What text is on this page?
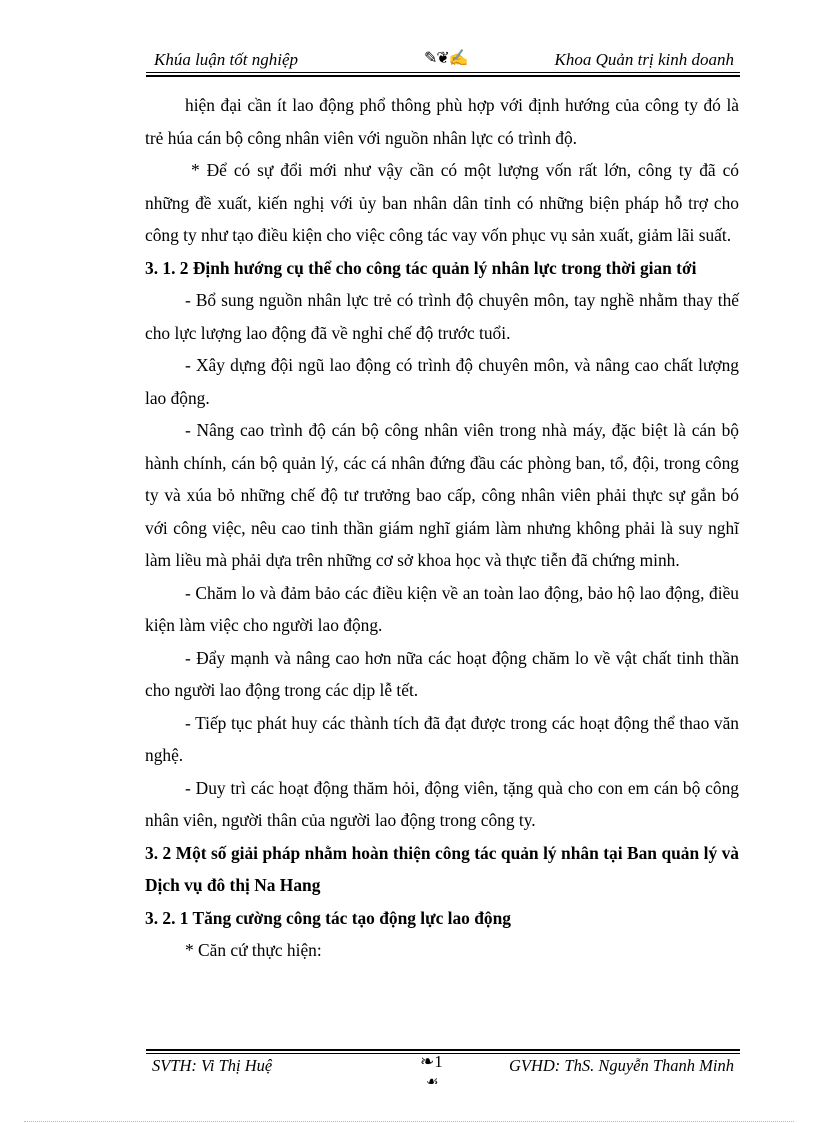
Khúa luận tốt nghiệp	✎❦✍	Khoa Quản trị kinh doanh

hiện đại cần ít lao động phổ thông phù hợp với định hướng của công ty đó là trẻ húa cán bộ công nhân viên với nguồn nhân lực có trình độ.

* Để có sự đổi mới như vậy cần có một lượng vốn rất lớn, công ty đã có những đề xuất, kiến nghị với ủy ban nhân dân tỉnh có những biện pháp hỗ trợ cho công ty như tạo điều kiện cho việc công tác vay vốn phục vụ sản xuất, giảm lãi suất.

3. 1. 2 Định hướng cụ thể cho công tác quản lý nhân lực trong thời gian tới

- Bổ sung nguồn nhân lực trẻ có trình độ chuyên môn, tay nghề nhằm thay thế cho lực lượng lao động đã về nghỉ chế độ trước tuổi.

- Xây dựng đội ngũ lao động có trình độ chuyên môn, và nâng cao chất lượng lao động.

- Nâng cao trình độ cán bộ công nhân viên trong nhà máy, đặc biệt là cán bộ hành chính, cán bộ quản lý, các cá nhân đứng đầu các phòng ban, tổ, đội, trong công ty và xúa bỏ những chế độ tư trưởng bao cấp, công nhân viên phải thực sự gắn bó với công việc, nêu cao tinh thần giám nghĩ giám làm nhưng không phải là suy nghĩ làm liều mà phải dựa trên những cơ sở khoa học và thực tiễn đã chứng minh.

- Chăm lo và đảm bảo các điều kiện về an toàn lao động, bảo hộ lao động, điều kiện làm việc cho người lao động.

- Đẩy mạnh và nâng cao hơn nữa các hoạt động chăm lo về vật chất tinh thần cho người lao động trong các dịp lễ tết.

- Tiếp tục phát huy các thành tích đã đạt được trong các hoạt động thể thao văn nghệ.

- Duy trì các hoạt động thăm hỏi, động viên, tặng quà cho con em cán bộ công nhân viên, người thân của người lao động trong công ty.

3. 2 Một số giải pháp nhằm hoàn thiện công tác quản lý nhân tại Ban quản lý và Dịch vụ đô thị Na Hang

3. 2. 1 Tăng cường công tác tạo động lực lao động

* Căn cứ thực hiện:

SVTH: Vi Thị Huệ	❧1
☙
GVHD: ThS. Nguyễn Thanh Minh
